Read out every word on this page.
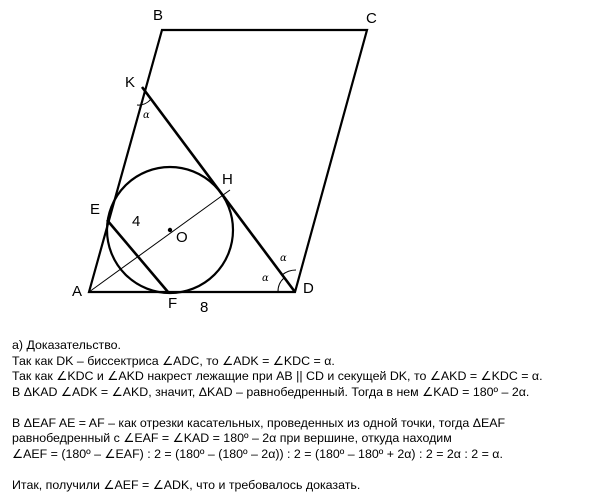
B	C
K
H
E
O
A
F
D
4
8
α
α
α
а) Доказательство.
Так как DK – биссектриса ∠ADC, то ∠ADK = ∠KDC = α.
Так как ∠KDC и ∠AKD накрест лежащие при AB || CD и секущей DK, то ∠AKD = ∠KDC = α.
В ΔKAD ∠ADK = ∠AKD, значит, ΔKAD – равнобедренный. Тогда в нем ∠KAD = 180º – 2α.
В ΔEAF AE = AF – как отрезки касательных, проведенных из одной точки, тогда ΔEAF
равнобедренный с ∠EAF = ∠KAD = 180º – 2α при вершине, откуда находим
∠AEF = (180º – ∠EAF) : 2 = (180º – (180º – 2α)) : 2 = (180º – 180º + 2α) : 2 = 2α : 2 = α.
Итак, получили ∠AEF = ∠ADK, что и требовалось доказать.
